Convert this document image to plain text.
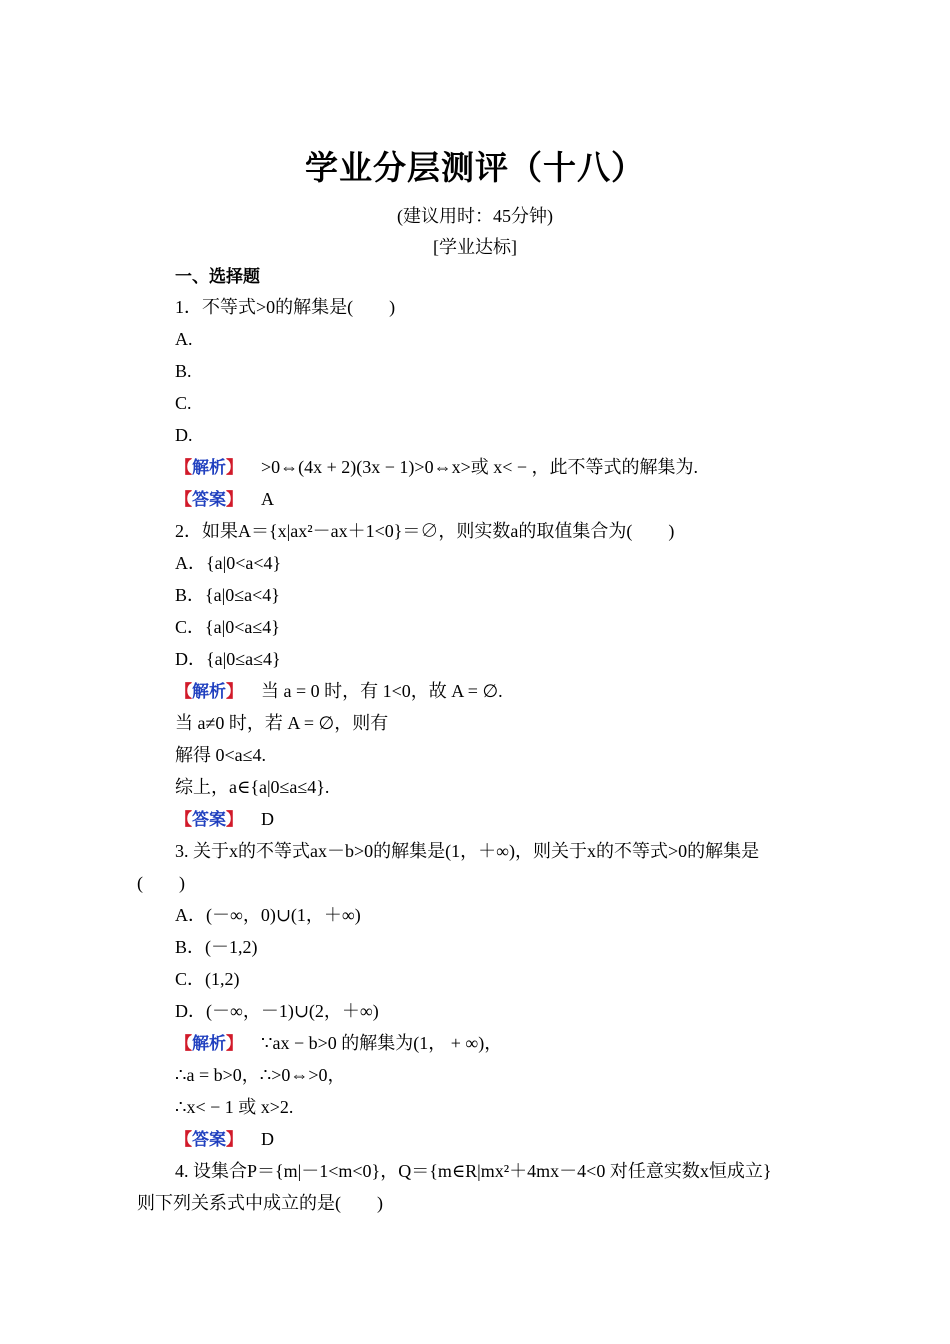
学业分层测评（十八）
(建议用时：45分钟)
[学业达标]
一、选择题
1．不等式>0的解集是(　　)
A.
B.
C.
D.
【解析】 >0⇔(4x + 2)(3x − 1)>0⇔x>或 x< − ，此不等式的解集为.
【答案】 A
2．如果A＝{x|ax²－ax＋1<0}＝∅，则实数a的取值集合为(　　)
A．{a|0<a<4}
B．{a|0≤a<4}
C．{a|0<a≤4}
D．{a|0≤a≤4}
【解析】 当 a = 0 时，有 1<0，故 A = ∅.
当 a≠0 时，若 A = ∅，则有
解得 0<a≤4.
综上，a∈{a|0≤a≤4}.
【答案】 D
3. 关于x的不等式ax－b>0的解集是(1，＋∞)，则关于x的不等式>0的解集是
(　　)
A．(－∞，0)∪(1，＋∞)
B．(－1,2)
C．(1,2)
D．(－∞，－1)∪(2，＋∞)
【解析】 ∵ax − b>0 的解集为(1， + ∞)，
∴a = b>0，∴>0⇔>0，
∴x< − 1 或 x>2.
【答案】 D
4. 设集合P＝{m|－1<m<0}，Q＝{m∈R|mx²＋4mx－4<0 对任意实数x恒成立}
则下列关系式中成立的是(　　)
